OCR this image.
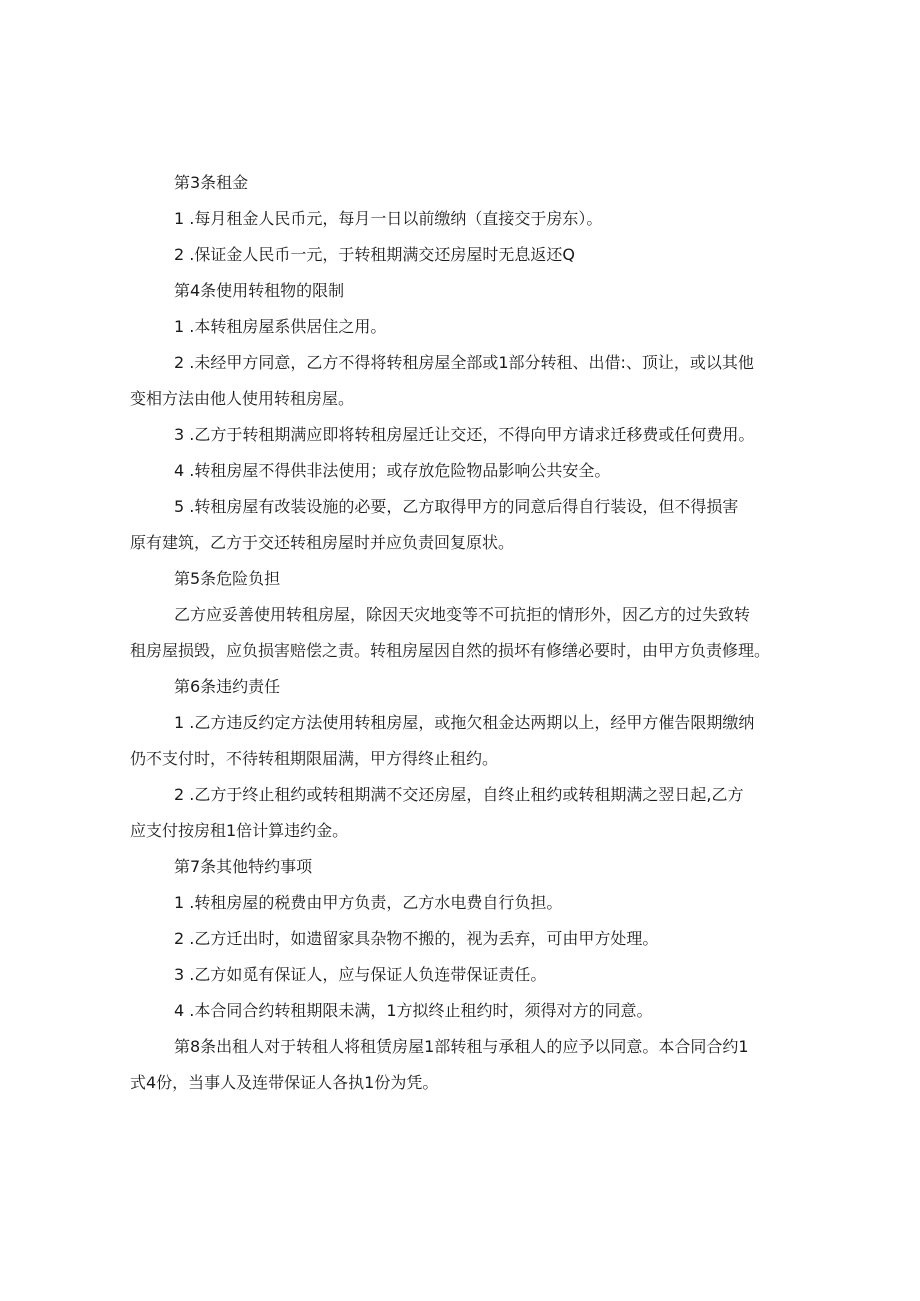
第3条租金

1 .每月租金人民币元，每月一日以前缴纳（直接交于房东）。

2 .保证金人民币一元，于转租期满交还房屋时无息返还Q

第4条使用转租物的限制

1 .本转租房屋系供居住之用。

2 .未经甲方同意，乙方不得将转租房屋全部或1部分转租、出借:、顶让，或以其他

变相方法由他人使用转租房屋。

3 .乙方于转租期满应即将转租房屋迁让交还，不得向甲方请求迁移费或任何费用。

4 .转租房屋不得供非法使用；或存放危险物品影响公共安全。

5 .转租房屋有改装设施的必要，乙方取得甲方的同意后得自行装设，但不得损害

原有建筑，乙方于交还转租房屋时并应负责回复原状。

第5条危险负担

乙方应妥善使用转租房屋，除因天灾地变等不可抗拒的情形外，因乙方的过失致转

租房屋损毁，应负损害赔偿之责。转租房屋因自然的损坏有修缮必要时，由甲方负责修理。

第6条违约责任

1 .乙方违反约定方法使用转租房屋，或拖欠租金达两期以上，经甲方催告限期缴纳

仍不支付时，不待转租期限届满，甲方得终止租约。

2 .乙方于终止租约或转租期满不交还房屋，自终止租约或转租期满之翌日起,乙方

应支付按房租1倍计算违约金。

第7条其他特约事项

1 .转租房屋的税费由甲方负责，乙方水电费自行负担。

2 .乙方迁出时，如遗留家具杂物不搬的，视为丢弃，可由甲方处理。

3 .乙方如觅有保证人，应与保证人负连带保证责任。

4 .本合同合约转租期限未满，1方拟终止租约时，须得对方的同意。

第8条出租人对于转租人将租赁房屋1部转租与承租人的应予以同意。本合同合约1

式4份，当事人及连带保证人各执1份为凭。
